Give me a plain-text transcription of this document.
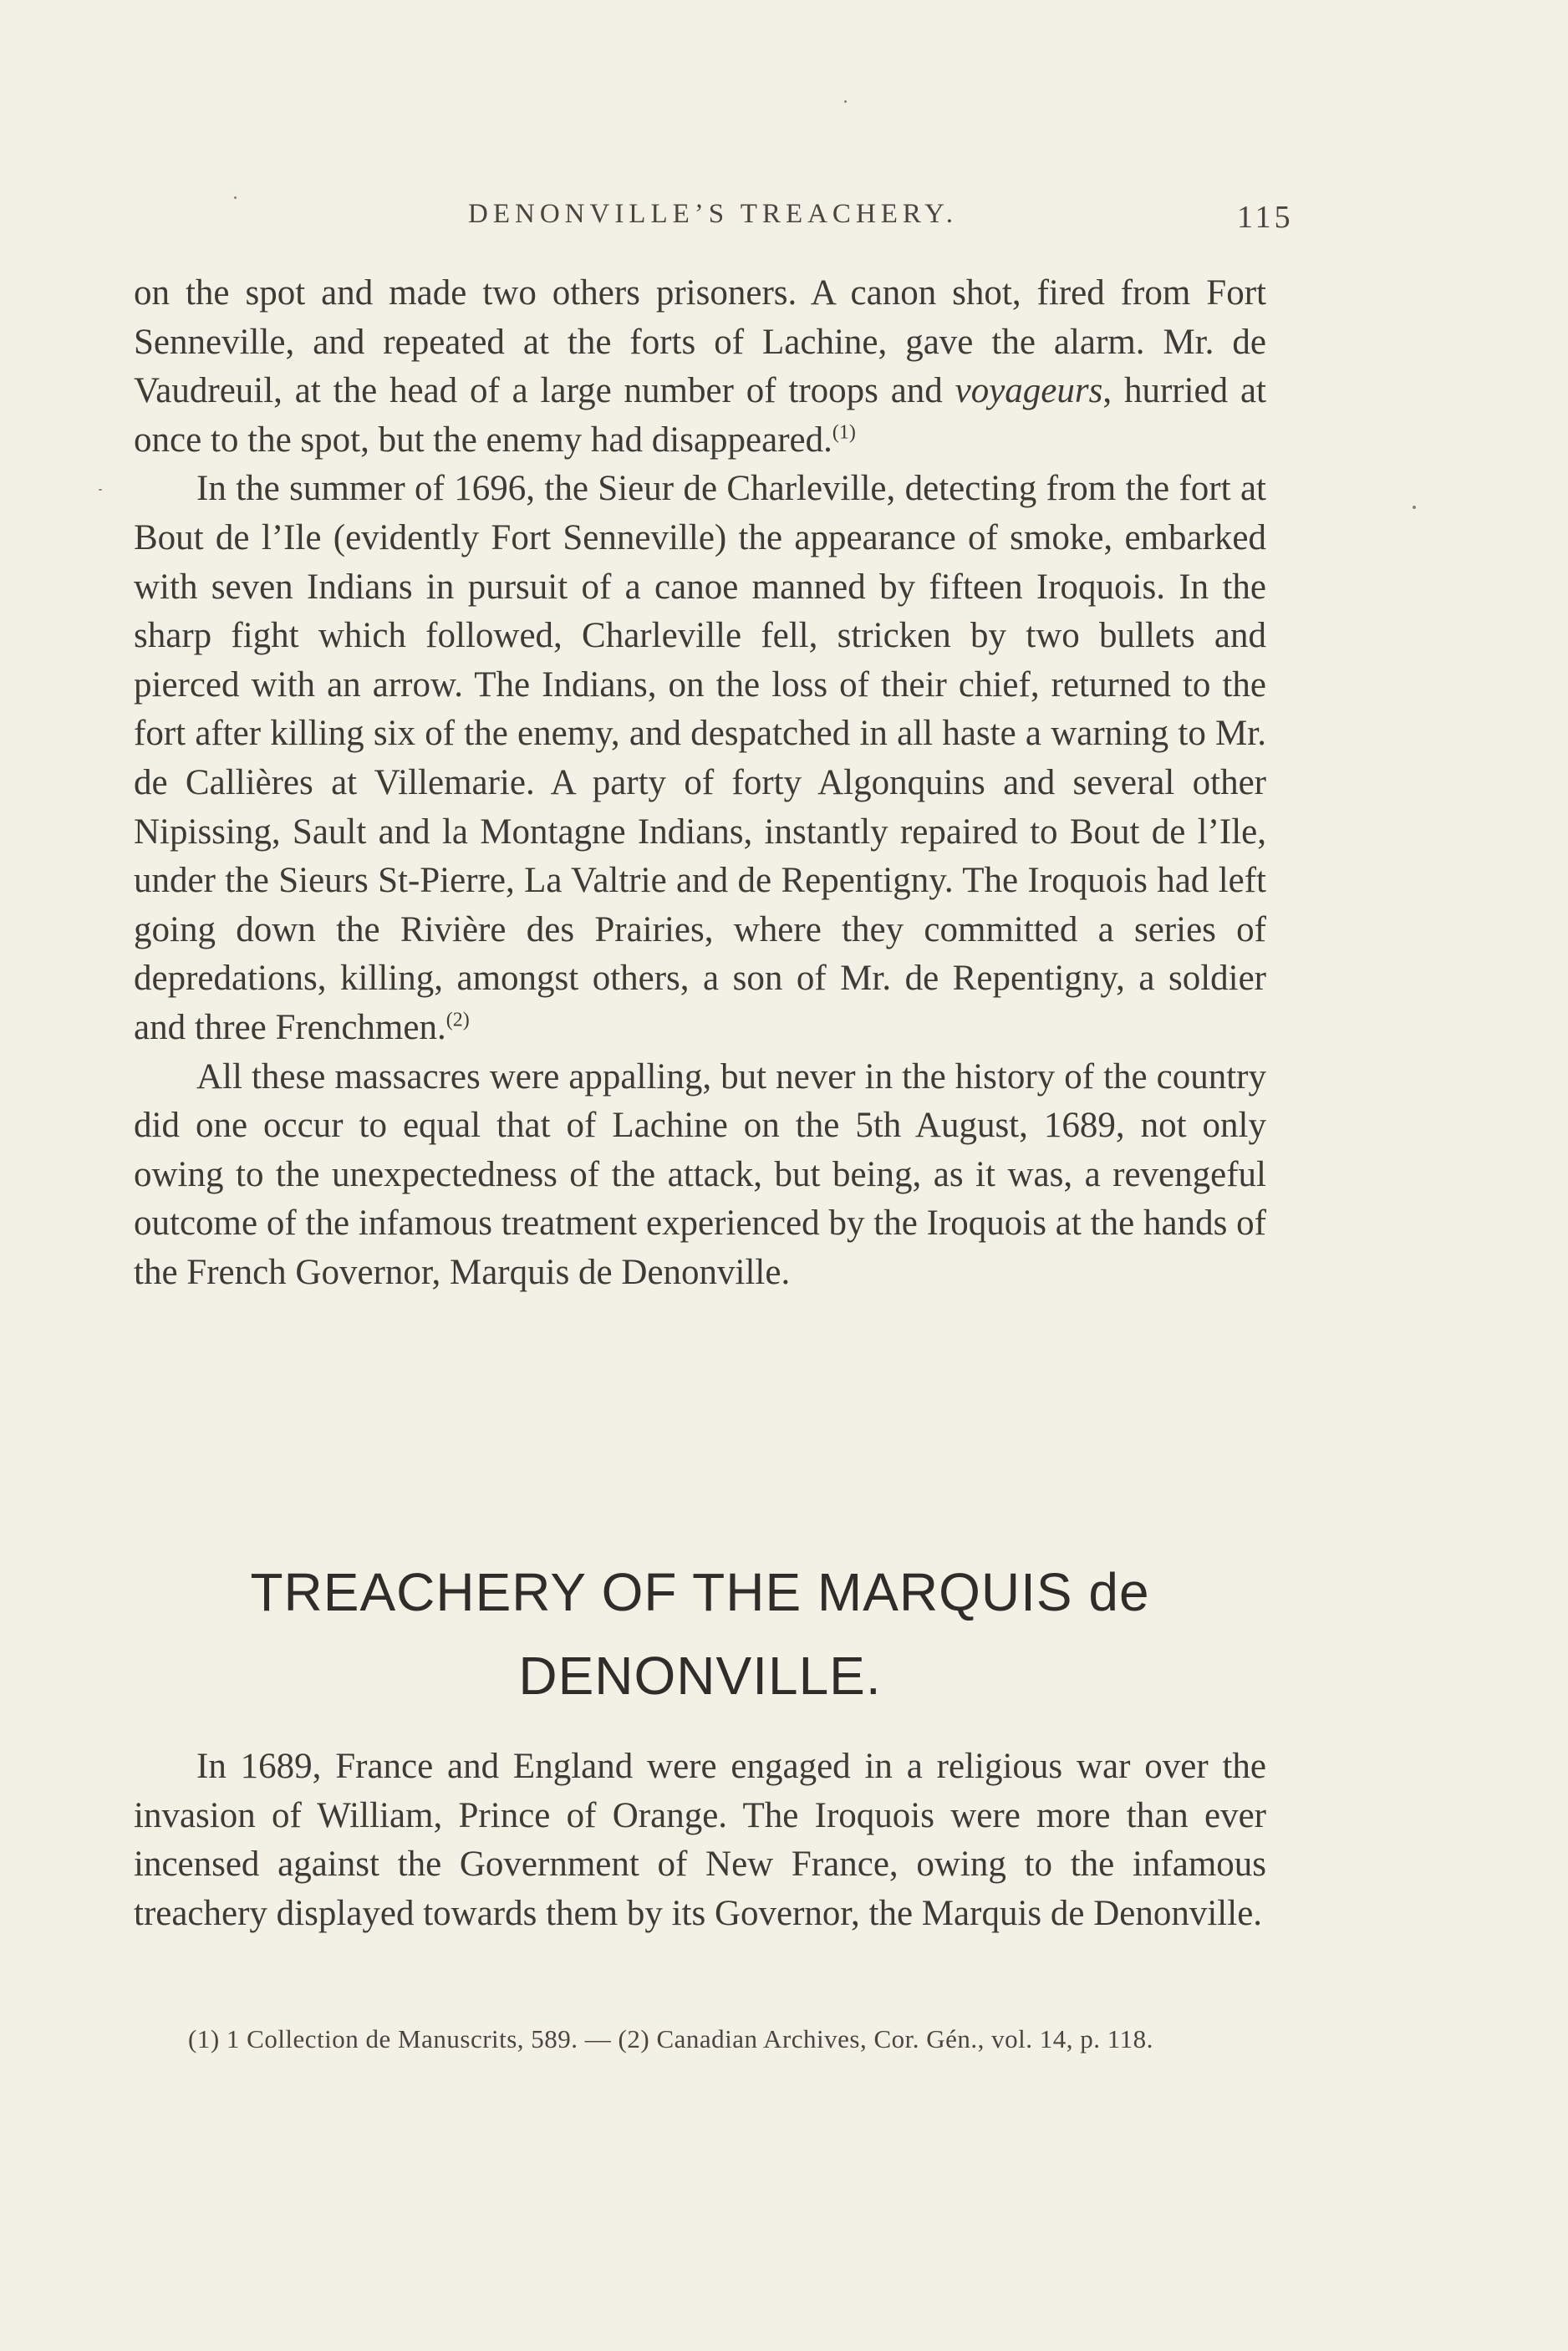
DENONVILLE’S TREACHERY.	115

on the spot and made two others prisoners. A canon shot, fired from Fort Senneville, and repeated at the forts of Lachine, gave the alarm. Mr. de Vaudreuil, at the head of a large number of troops and voyageurs, hurried at once to the spot, but the enemy had disappeared.$^{(1)}$

In the summer of 1696, the Sieur de Charleville, detecting from the fort at Bout de l’Ile (evidently Fort Senneville) the appearance of smoke, embarked with seven Indians in pursuit of a canoe manned by fifteen Iroquois. In the sharp fight which followed, Charleville fell, stricken by two bullets and pierced with an arrow. The Indians, on the loss of their chief, returned to the fort after killing six of the enemy, and despatched in all haste a warning to Mr. de Callières at Villemarie. A party of forty Algonquins and several other Nipissing, Sault and la Montagne Indians, instantly repaired to Bout de l’Ile, under the Sieurs St-Pierre, La Valtrie and de Repentigny. The Iroquois had left going down the Rivière des Prairies, where they committed a series of depredations, killing, amongst others, a son of Mr. de Repentigny, a soldier and three Frenchmen.$^{(2)}$

All these massacres were appalling, but never in the history of the country did one occur to equal that of Lachine on the 5th August, 1689, not only owing to the unexpectedness of the attack, but being, as it was, a revengeful outcome of the infamous treatment experienced by the Iroquois at the hands of the French Governor, Marquis de Denonville.

TREACHERY OF THE MARQUIS de
DENONVILLE.

In 1689, France and England were engaged in a religious war over the invasion of William, Prince of Orange. The Iroquois were more than ever incensed against the Government of New France, owing to the infamous treachery displayed towards them by its Governor, the Marquis de Denonville.

(1) 1 Collection de Manuscrits, 589. — (2) Canadian Archives, Cor. Gén., vol. 14, p. 118.
